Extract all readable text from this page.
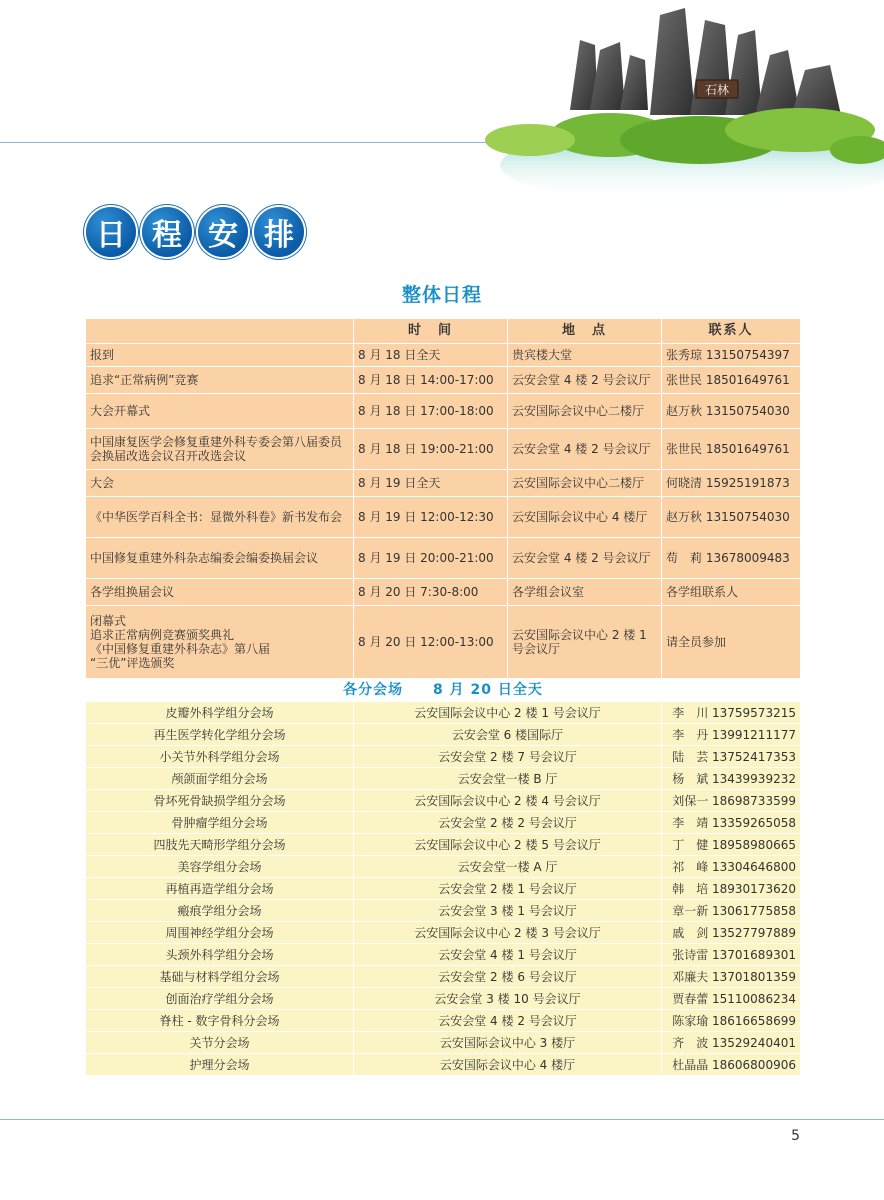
石林
日 程 安 排
整体日程
	时　间	地　点	联系人
报到	8 月 18 日全天	贵宾楼大堂	张秀琼 13150754397
追求“正常病例”竞赛	8 月 18 日 14:00-17:00	云安会堂 4 楼 2 号会议厅	张世民 18501649761
大会开幕式	8 月 18 日 17:00-18:00	云安国际会议中心二楼厅	赵万秋 13150754030
中国康复医学会修复重建外科专委会第八届委员会换届改选会议召开改选会议	8 月 18 日 19:00-21:00	云安会堂 4 楼 2 号会议厅	张世民 18501649761
大会	8 月 19 日全天	云安国际会议中心二楼厅	何晓清 15925191873
《中华医学百科全书：显微外科卷》新书发布会	8 月 19 日 12:00-12:30	云安国际会议中心 4 楼厅	赵万秋 13150754030
中国修复重建外科杂志编委会编委换届会议	8 月 19 日 20:00-21:00	云安会堂 4 楼 2 号会议厅	苟　莉 13678009483
各学组换届会议	8 月 20 日 7:30-8:00	各学组会议室	各学组联系人
闭幕式
追求正常病例竞赛颁奖典礼
《中国修复重建外科杂志》第八届
“三优”评选颁奖	8 月 20 日 12:00-13:00	云安国际会议中心 2 楼 1 号会议厅	请全员参加
各分会场　　8 月 20 日全天			
皮瓣外科学组分会场	云安国际会议中心 2 楼 1 号会议厅		李　川 13759573215
再生医学转化学组分会场	云安会堂 6 楼国际厅		李　丹 13991211177
小关节外科学组分会场	云安会堂 2 楼 7 号会议厅		陆　芸 13752417353
颅颌面学组分会场	云安会堂一楼 B 厅		杨　斌 13439939232
骨坏死骨缺损学组分会场	云安国际会议中心 2 楼 4 号会议厅		刘保一 18698733599
骨肿瘤学组分会场	云安会堂 2 楼 2 号会议厅		李　靖 13359265058
四肢先天畸形学组分会场	云安国际会议中心 2 楼 5 号会议厅		丁　健 18958980665
美容学组分会场	云安会堂一楼 A 厅		祁　峰 13304646800
再植再造学组分会场	云安会堂 2 楼 1 号会议厅		韩　培 18930173620
瘢痕学组分会场	云安会堂 3 楼 1 号会议厅		章一新 13061775858
周围神经学组分会场	云安国际会议中心 2 楼 3 号会议厅		戚　剑 13527797889
头颈外科学组分会场	云安会堂 4 楼 1 号会议厅		张诗雷 13701689301
基础与材料学组分会场	云安会堂 2 楼 6 号会议厅		邓廉夫 13701801359
创面治疗学组分会场	云安会堂 3 楼 10 号会议厅		贾春蕾 15110086234
脊柱 - 数字骨科分会场	云安会堂 4 楼 2 号会议厅		陈家瑜 18616658699
关节分会场	云安国际会议中心 3 楼厅		齐　波 13529240401
护理分会场	云安国际会议中心 4 楼厅		杜晶晶 18606800906
5
